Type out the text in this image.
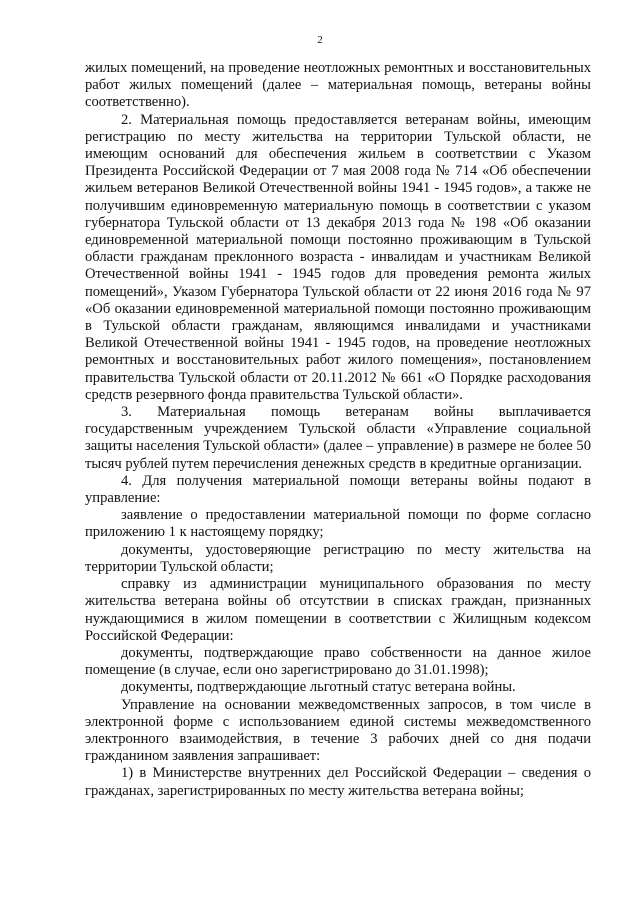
2

жилых помещений, на проведение неотложных ремонтных и восстановительных работ жилых помещений (далее – материальная помощь, ветераны войны соответственно).

2. Материальная помощь предоставляется ветеранам войны, имеющим регистрацию по месту жительства на территории Тульской области, не имеющим оснований для обеспечения жильем в соответствии с Указом Президента Российской Федерации от 7 мая 2008 года № 714 «Об обеспечении жильем ветеранов Великой Отечественной войны 1941 - 1945 годов», а также не получившим единовременную материальную помощь в соответствии с указом губернатора Тульской области от 13 декабря 2013 года № 198 «Об оказании единовременной материальной помощи постоянно проживающим в Тульской области гражданам преклонного возраста - инвалидам и участникам Великой Отечественной войны 1941 - 1945 годов для проведения ремонта жилых помещений», Указом Губернатора Тульской области от 22 июня 2016 года № 97 «Об оказании единовременной материальной помощи постоянно проживающим в Тульской области гражданам, являющимся инвалидами и участниками Великой Отечественной войны 1941 - 1945 годов, на проведение неотложных ремонтных и восстановительных работ жилого помещения», постановлением правительства Тульской области от 20.11.2012 № 661 «О Порядке расходования средств резервного фонда правительства Тульской области».

3. Материальная помощь ветеранам войны выплачивается государственным учреждением Тульской области «Управление социальной защиты населения Тульской области» (далее – управление) в размере не более 50 тысяч рублей путем перечисления денежных средств в кредитные организации.

4. Для получения материальной помощи ветераны войны подают в управление:

заявление о предоставлении материальной помощи по форме согласно приложению 1 к настоящему порядку;

документы, удостоверяющие регистрацию по месту жительства на территории Тульской области;

справку из администрации муниципального образования по месту жительства ветерана войны об отсутствии в списках граждан, признанных нуждающимися в жилом помещении в соответствии с Жилищным кодексом Российской Федерации:

документы, подтверждающие право собственности на данное жилое помещение (в случае, если оно зарегистрировано до 31.01.1998);

документы, подтверждающие льготный статус ветерана войны.

Управление на основании межведомственных запросов, в том числе в электронной форме с использованием единой системы межведомственного электронного взаимодействия, в течение 3 рабочих дней со дня подачи гражданином заявления запрашивает:

1) в Министерстве внутренних дел Российской Федерации – сведения о гражданах, зарегистрированных по месту жительства ветерана войны;
